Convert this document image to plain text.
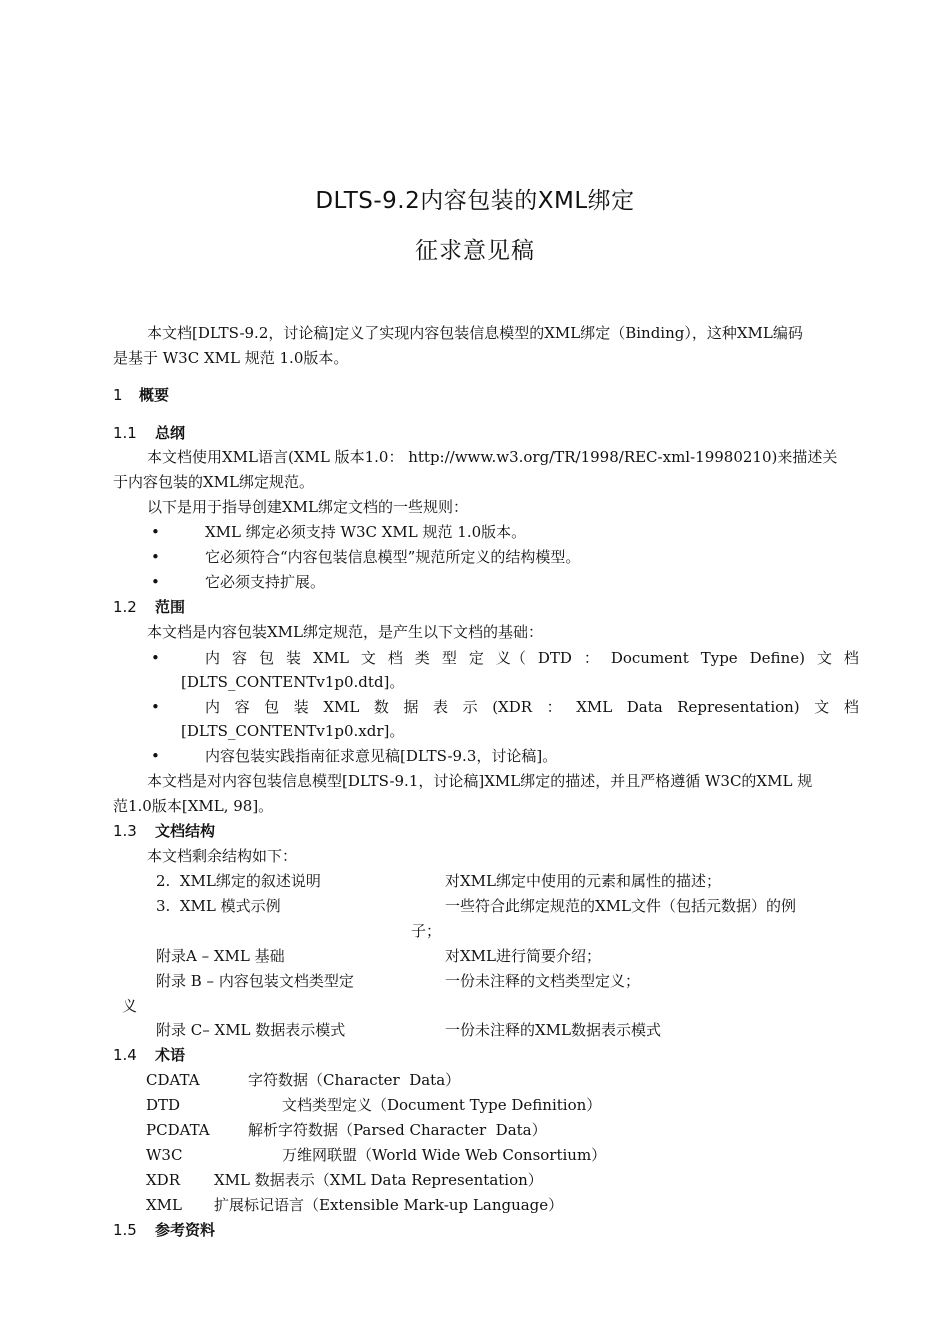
DLTS-9.2内容包装的XML绑定
征求意见稿
本文档[DLTS-9.2，讨论稿]定义了实现内容包装信息模型的XML绑定（Binding），这种XML编码
是基于 W3C XML 规范 1.0版本。
1 概要
1.1 总纲
本文档使用XML语言(XML 版本1.0： http://www.w3.org/TR/1998/REC-xml-19980210)来描述关
于内容包装的XML绑定规范。
以下是用于指导创建XML绑定文档的一些规则：
•	XML 绑定必须支持 W3C XML 规范 1.0版本。
•	它必须符合“内容包装信息模型”规范所定义的结构模型。
•	它必须支持扩展。
1.2 范围
本文档是内容包装XML绑定规范，是产生以下文档的基础：
•	内 容 包 装 XML 文 档 类 型 定 义（ DTD ： Document Type Define) 文 档
[DLTS_CONTENTv1p0.dtd]。
•	内 容 包 装 XML 数 据 表 示 (XDR ： XML Data Representation) 文 档
[DLTS_CONTENTv1p0.xdr]。
•	内容包装实践指南征求意见稿[DLTS-9.3，讨论稿]。
本文档是对内容包装信息模型[DLTS-9.1，讨论稿]XML绑定的描述，并且严格遵循 W3C的XML 规
范1.0版本[XML, 98]。
1.3 文档结构
本文档剩余结构如下：
2.  XML绑定的叙述说明	对XML绑定中使用的元素和属性的描述；
3.  XML 模式示例	一些符合此绑定规范的XML文件（包括元数据）的例
子；
附录A – XML 基础	对XML进行简要介绍；
附录 B – 内容包装文档类型定	一份未注释的文档类型定义；
义
附录 C– XML 数据表示模式	一份未注释的XML数据表示模式
1.4 术语
CDATA	字符数据（Character  Data）
DTD	文档类型定义（Document Type Definition）
PCDATA	解析字符数据（Parsed Character  Data）
W3C	万维网联盟（World Wide Web Consortium）
XDR XML 数据表示（XML Data Representation）
XML 扩展标记语言（Extensible Mark-up Language）
1.5 参考资料
